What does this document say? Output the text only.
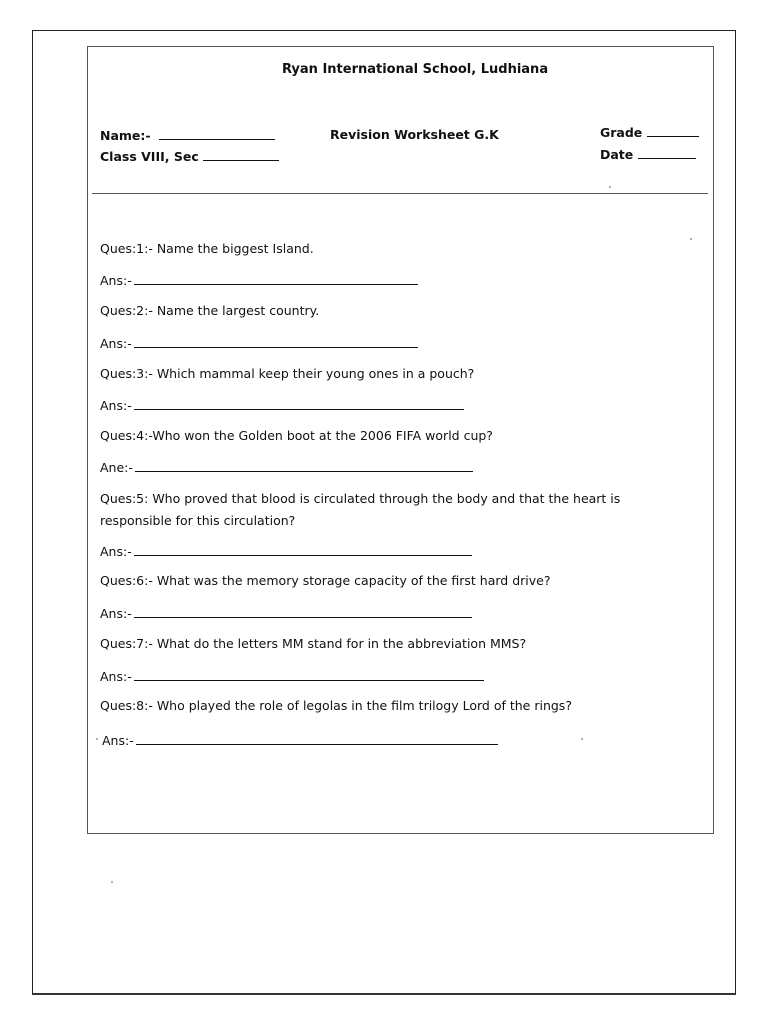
Ryan International School, Ludhiana
Name:-
Class VIII, Sec
Revision Worksheet G.K	Grade
Date
Ques:1:- Name the biggest Island.
Ans:-
Ques:2:- Name the largest country.
Ans:-
Ques:3:- Which mammal keep their young ones in a pouch?
Ans:-
Ques:4:-Who won the Golden boot at the 2006 FIFA world cup?
Ane:-
Ques:5: Who proved that blood is circulated through the body and that the heart is responsible for this circulation?
Ans:-
Ques:6:- What was the memory storage capacity of the first hard drive?
Ans:-
Ques:7:- What do the letters MM stand for in the abbreviation MMS?
Ans:-
Ques:8:- Who played the role of legolas in the film trilogy Lord of the rings?
Ans:-
